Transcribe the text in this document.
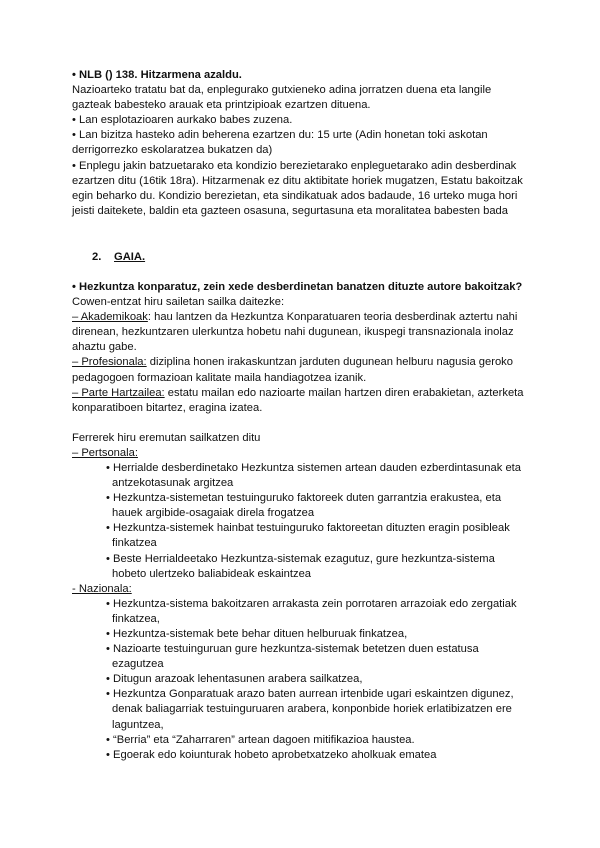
• NLB () 138. Hitzarmena azaldu.
Nazioarteko tratatu bat da, enplegurako gutxieneko adina jorratzen duena eta langile
gazteak babesteko arauak eta printzipioak ezartzen dituena.
• Lan esplotazioaren aurkako babes zuzena.
• Lan bizitza hasteko adin beherena ezartzen du: 15 urte (Adin honetan toki askotan
derrigorrezko eskolaratzea bukatzen da)
• Enplegu jakin batzuetarako eta kondizio berezietarako enpleguetarako adin desberdinak
ezartzen ditu (16tik 18ra). Hitzarmenak ez ditu aktibitate horiek mugatzen, Estatu bakoitzak
egin beharko du. Kondizio berezietan, eta sindikatuak ados badaude, 16 urteko muga hori
jeisti daitekete, baldin eta gazteen osasuna, segurtasuna eta moralitatea babesten bada
2. GAIA.
• Hezkuntza konparatuz, zein xede desberdinetan banatzen dituzte autore bakoitzak?
Cowen-entzat hiru sailetan sailka daitezke:
– Akademikoak: hau lantzen da Hezkuntza Konparatuaren teoria desberdinak aztertu nahi
direnean, hezkuntzaren ulerkuntza hobetu nahi dugunean, ikuspegi transnazionala inolaz
ahaztu gabe.
– Profesionala: diziplina honen irakaskuntzan jarduten dugunean helburu nagusia geroko
pedagogoen formazioan kalitate maila handiagotzea izanik.
– Parte Hartzailea: estatu mailan edo nazioarte mailan hartzen diren erabakietan, azterketa
konparatiboen bitartez, eragina izatea.
Ferrerek hiru eremutan sailkatzen ditu
– Pertsonala:
• Herrialde desberdinetako Hezkuntza sistemen artean dauden ezberdintasunak eta
antzekotasunak argitzea
• Hezkuntza-sistemetan testuinguruko faktoreek duten garrantzia erakustea, eta
hauek argibide-osagaiak direla frogatzea
• Hezkuntza-sistemek hainbat testuinguruko faktoreetan dituzten eragin posibleak
finkatzea
• Beste Herrialdeetako Hezkuntza-sistemak ezagutuz, gure hezkuntza-sistema
hobeto ulertzeko baliabideak eskaintzea
- Nazionala:
• Hezkuntza-sistema bakoitzaren arrakasta zein porrotaren arrazoiak edo zergatiak
finkatzea,
• Hezkuntza-sistemak bete behar dituen helburuak finkatzea,
• Nazioarte testuinguruan gure hezkuntza-sistemak betetzen duen estatusa
ezagutzea
• Ditugun arazoak lehentasunen arabera sailkatzea,
• Hezkuntza Gonparatuak arazo baten aurrean irtenbide ugari eskaintzen digunez,
denak baliagarriak testuinguruaren arabera, konponbide horiek erlatibizatzen ere
laguntzea,
• “Berria” eta “Zaharraren” artean dagoen mitifikazioa haustea.
• Egoerak edo koiunturak hobeto aprobetxatzeko aholkuak ematea
